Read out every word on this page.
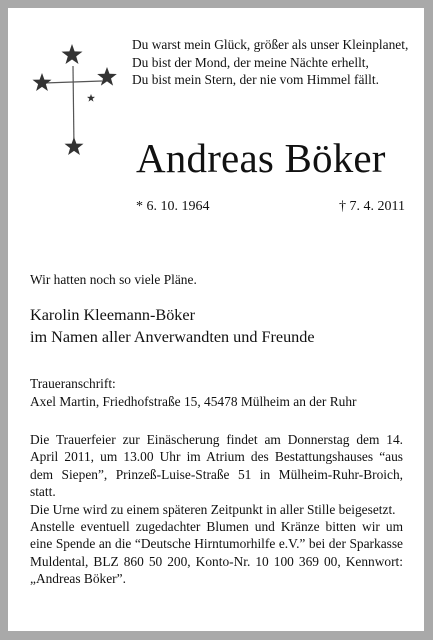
Du warst mein Glück, größer als unser Kleinplanet,
Du bist der Mond, der meine Nächte erhellt,
Du bist mein Stern, der nie vom Himmel fällt.
Andreas Böker
* 6. 10. 1964	† 7. 4. 2011
Wir hatten noch so viele Pläne.
Karolin Kleemann-Böker
im Namen aller Anverwandten und Freunde
Traueranschrift:
Axel Martin, Friedhofstraße 15, 45478 Mülheim an der Ruhr

Die Trauerfeier zur Einäscherung findet am Donnerstag dem 14. April 2011, um 13.00 Uhr im Atrium des Bestattungshauses “aus dem Siepen”, Prinzeß-Luise-Straße 51 in Mülheim-Ruhr-Broich, statt.

Die Urne wird zu einem späteren Zeitpunkt in aller Stille beigesetzt.

Anstelle eventuell zugedachter Blumen und Kränze bitten wir um eine Spende an die “Deutsche Hirntumorhilfe e.V.” bei der Sparkasse Muldental, BLZ 860 50 200, Konto-Nr. 10 100 369 00, Kennwort: „Andreas Böker”.
